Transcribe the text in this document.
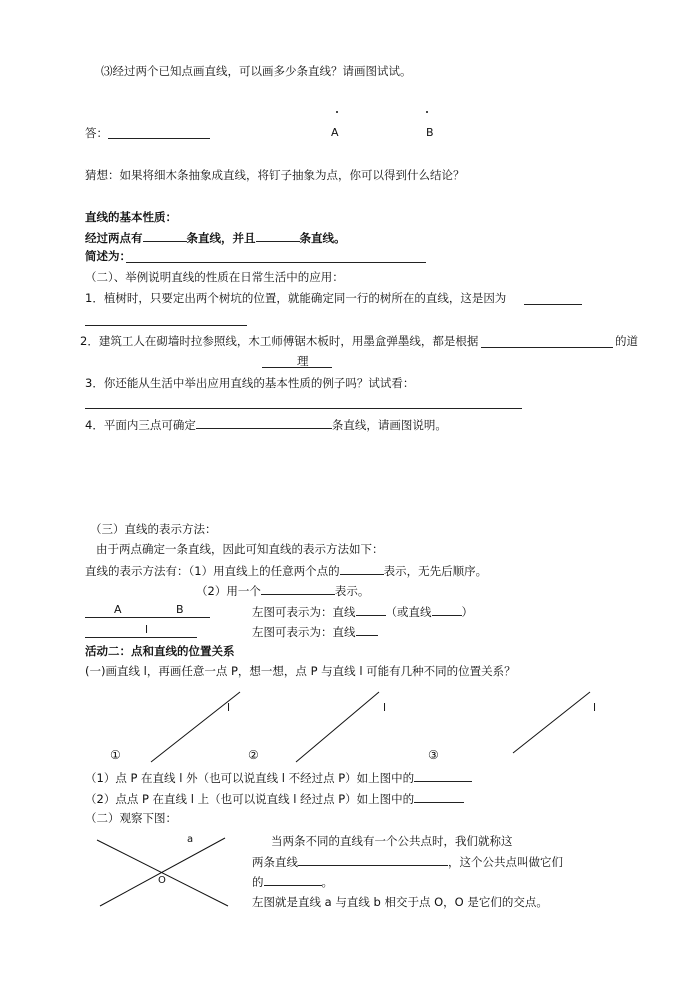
⑶经过两个已知点画直线，可以画多少条直线？请画图试试。
答：	A	B
猜想：如果将细木条抽象成直线，将钉子抽象为点，你可以得到什么结论？
直线的基本性质：
经过两点有	条直线，并且	条直线。
简述为：
（二）、举例说明直线的性质在日常生活中的应用：
1．植树时，只要定出两个树坑的位置，就能确定同一行的树所在的直线，这是因为
2．建筑工人在砌墙时拉参照线，木工师傅锯木板时，用墨盒弹墨线，都是根据	的道
理
3．你还能从生活中举出应用直线的基本性质的例子吗？试试看：
4．平面内三点可确定	条直线，请画图说明。
（三）直线的表示方法：
由于两点确定一条直线，因此可知直线的表示方法如下：
直线的表示方法有：（1）用直线上的任意两个点的	表示，无先后顺序。
（2）用一个	表示。
A	B	左图可表示为：直线	（或直线	）
l	左图可表示为：直线
活动二：点和直线的位置关系
(一)画直线 l，再画任意一点 P，想一想，点 P 与直线 l 可能有几种不同的位置关系？
l	l	l
①	②	③
（1）点 P 在直线 l 外（也可以说直线 l 不经过点 P）如上图中的
（2）点点 P 在直线 l 上（也可以说直线 l 经过点 P）如上图中的
（二）观察下图：
a
O
当两条不同的直线有一个公共点时，我们就称这
两条直线	，这个公共点叫做它们
的	。
左图就是直线 a 与直线 b 相交于点 O，O 是它们的交点。
